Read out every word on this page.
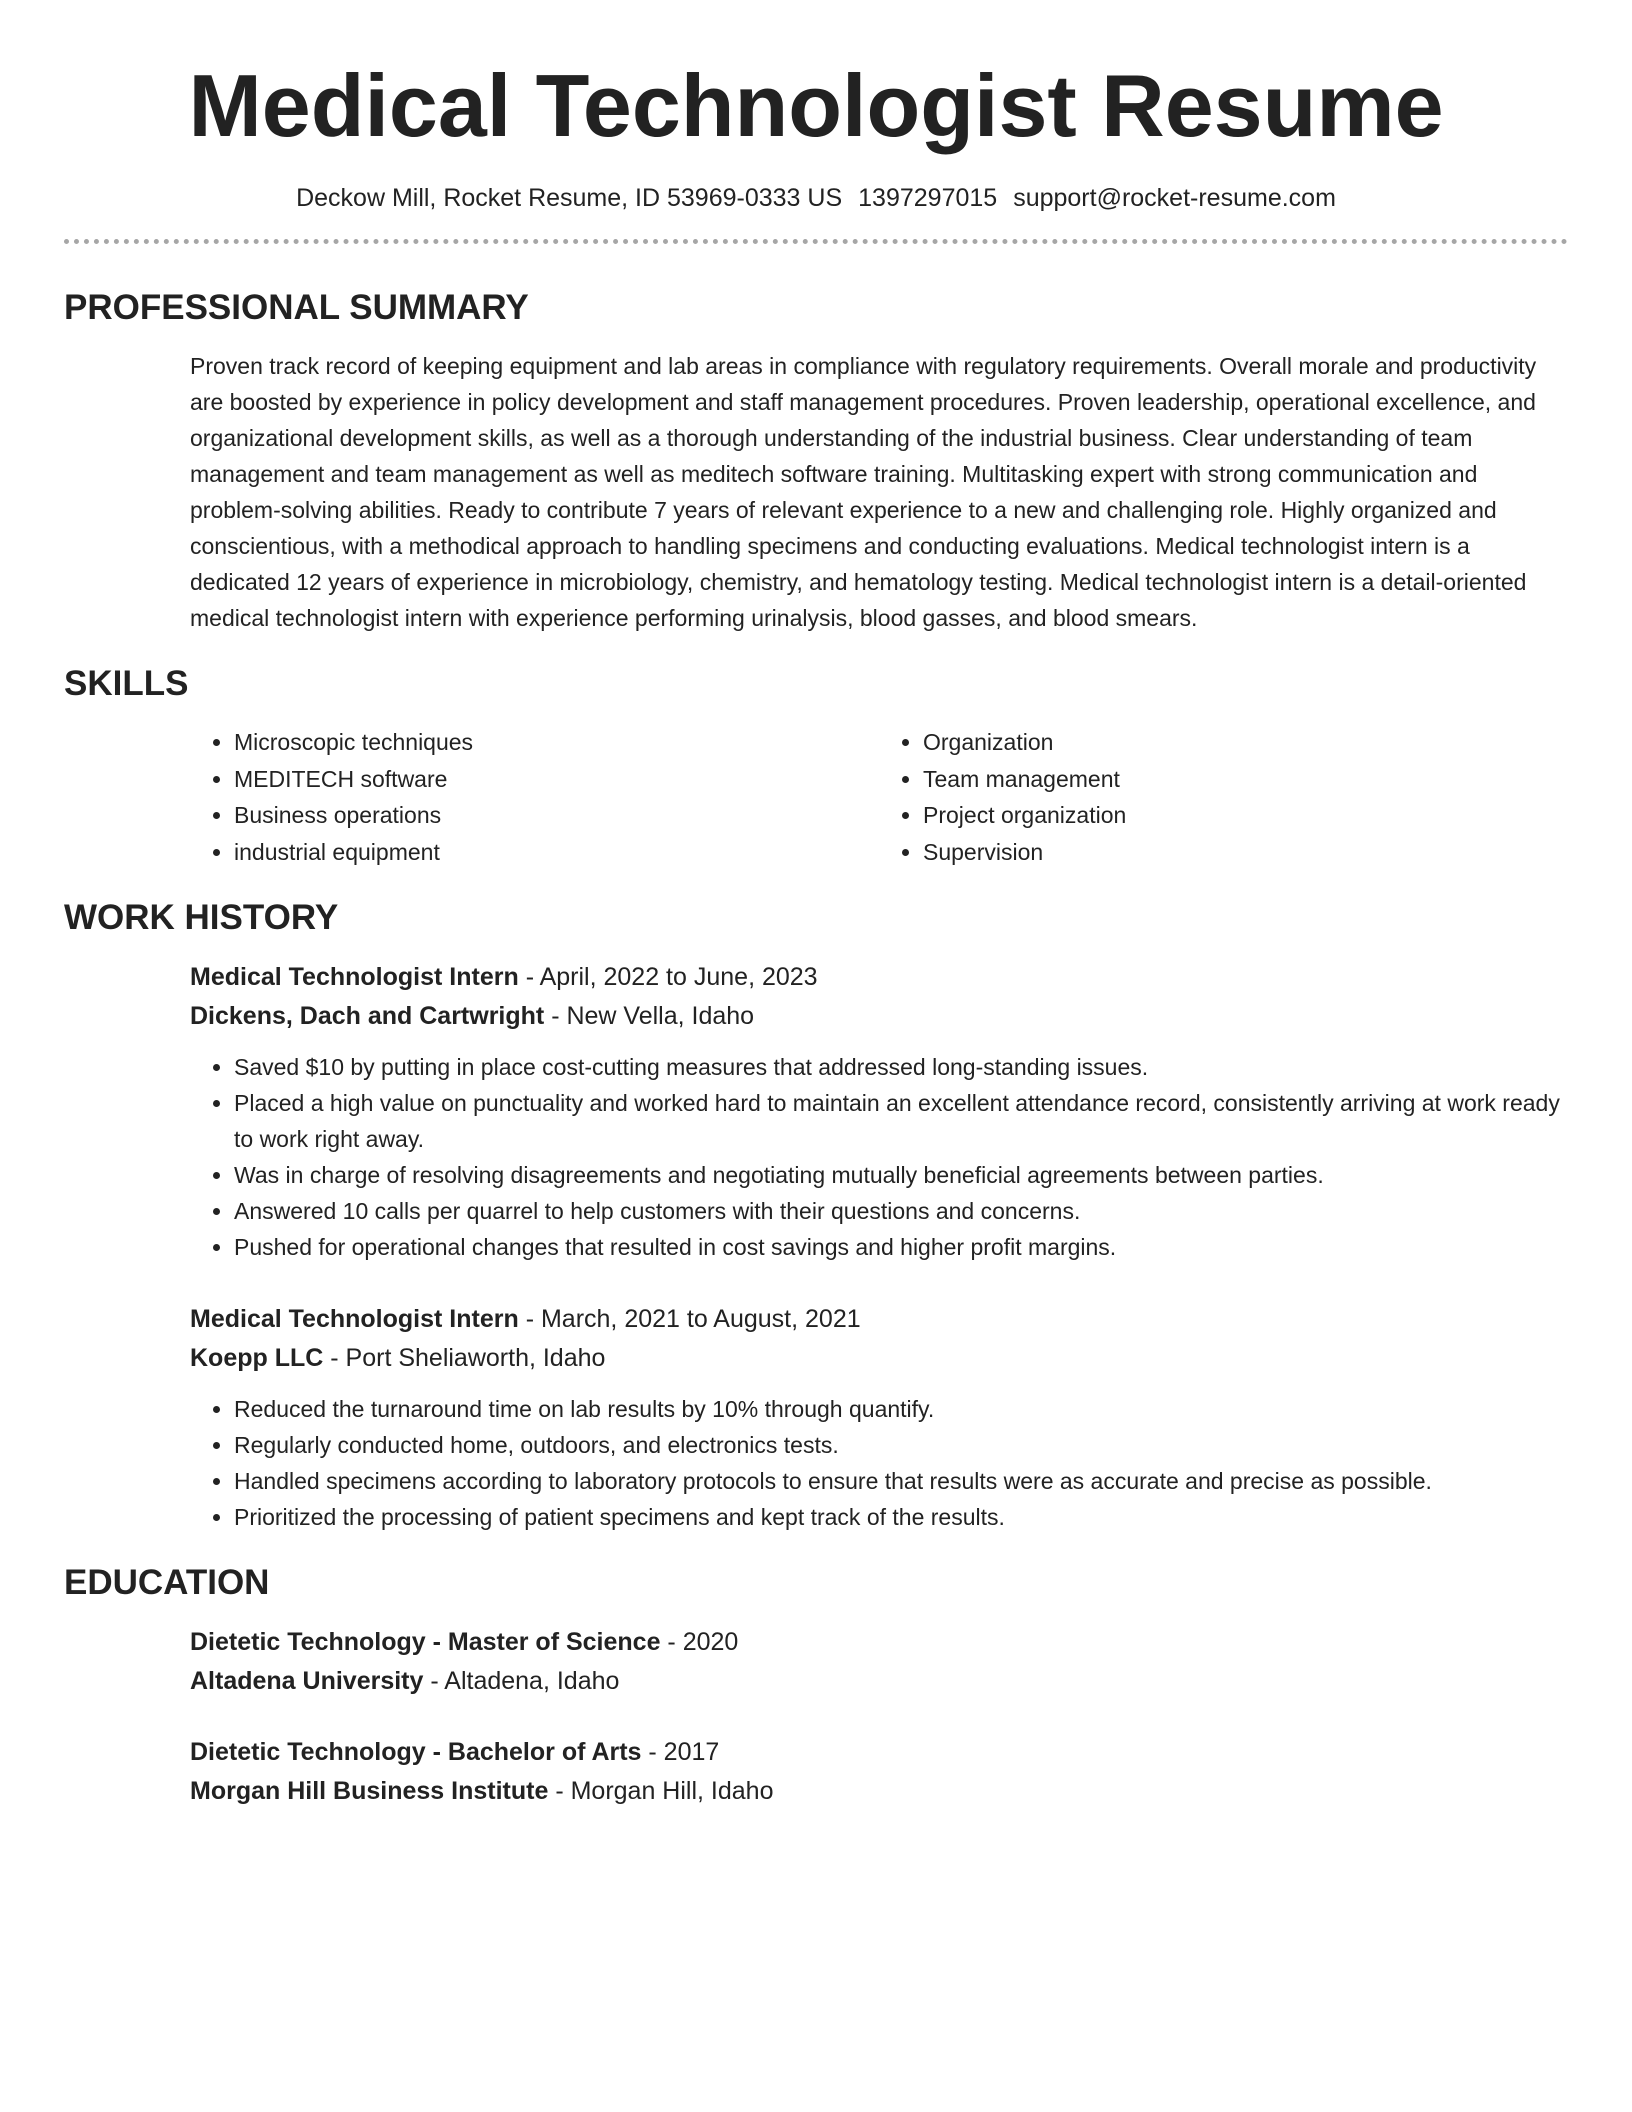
Medical Technologist Resume
Deckow Mill, Rocket Resume, ID 53969-0333 US 1397297015 support@rocket-resume.com
PROFESSIONAL SUMMARY

Proven track record of keeping equipment and lab areas in compliance with regulatory requirements. Overall morale and productivity are boosted by experience in policy development and staff management procedures. Proven leadership, operational excellence, and organizational development skills, as well as a thorough understanding of the industrial business. Clear understanding of team management and team management as well as meditech software training. Multitasking expert with strong communication and problem-solving abilities. Ready to contribute 7 years of relevant experience to a new and challenging role. Highly organized and conscientious, with a methodical approach to handling specimens and conducting evaluations. Medical technologist intern is a dedicated 12 years of experience in microbiology, chemistry, and hematology testing. Medical technologist intern is a detail-oriented medical technologist intern with experience performing urinalysis, blood gasses, and blood smears.

SKILLS
• Microscopic techniques
• MEDITECH software
• Business operations
• industrial equipment
• Organization
• Team management
• Project organization
• Supervision
WORK HISTORY
Medical Technologist Intern - April, 2022 to June, 2023
Dickens, Dach and Cartwright - New Vella, Idaho
• Saved $10 by putting in place cost-cutting measures that addressed long-standing issues.
• Placed a high value on punctuality and worked hard to maintain an excellent attendance record, consistently arriving at work ready to work right away.
• Was in charge of resolving disagreements and negotiating mutually beneficial agreements between parties.
• Answered 10 calls per quarrel to help customers with their questions and concerns.
• Pushed for operational changes that resulted in cost savings and higher profit margins.
Medical Technologist Intern - March, 2021 to August, 2021
Koepp LLC - Port Sheliaworth, Idaho
• Reduced the turnaround time on lab results by 10% through quantify.
• Regularly conducted home, outdoors, and electronics tests.
• Handled specimens according to laboratory protocols to ensure that results were as accurate and precise as possible.
• Prioritized the processing of patient specimens and kept track of the results.
EDUCATION
Dietetic Technology - Master of Science - 2020
Altadena University - Altadena, Idaho
Dietetic Technology - Bachelor of Arts - 2017
Morgan Hill Business Institute - Morgan Hill, Idaho
